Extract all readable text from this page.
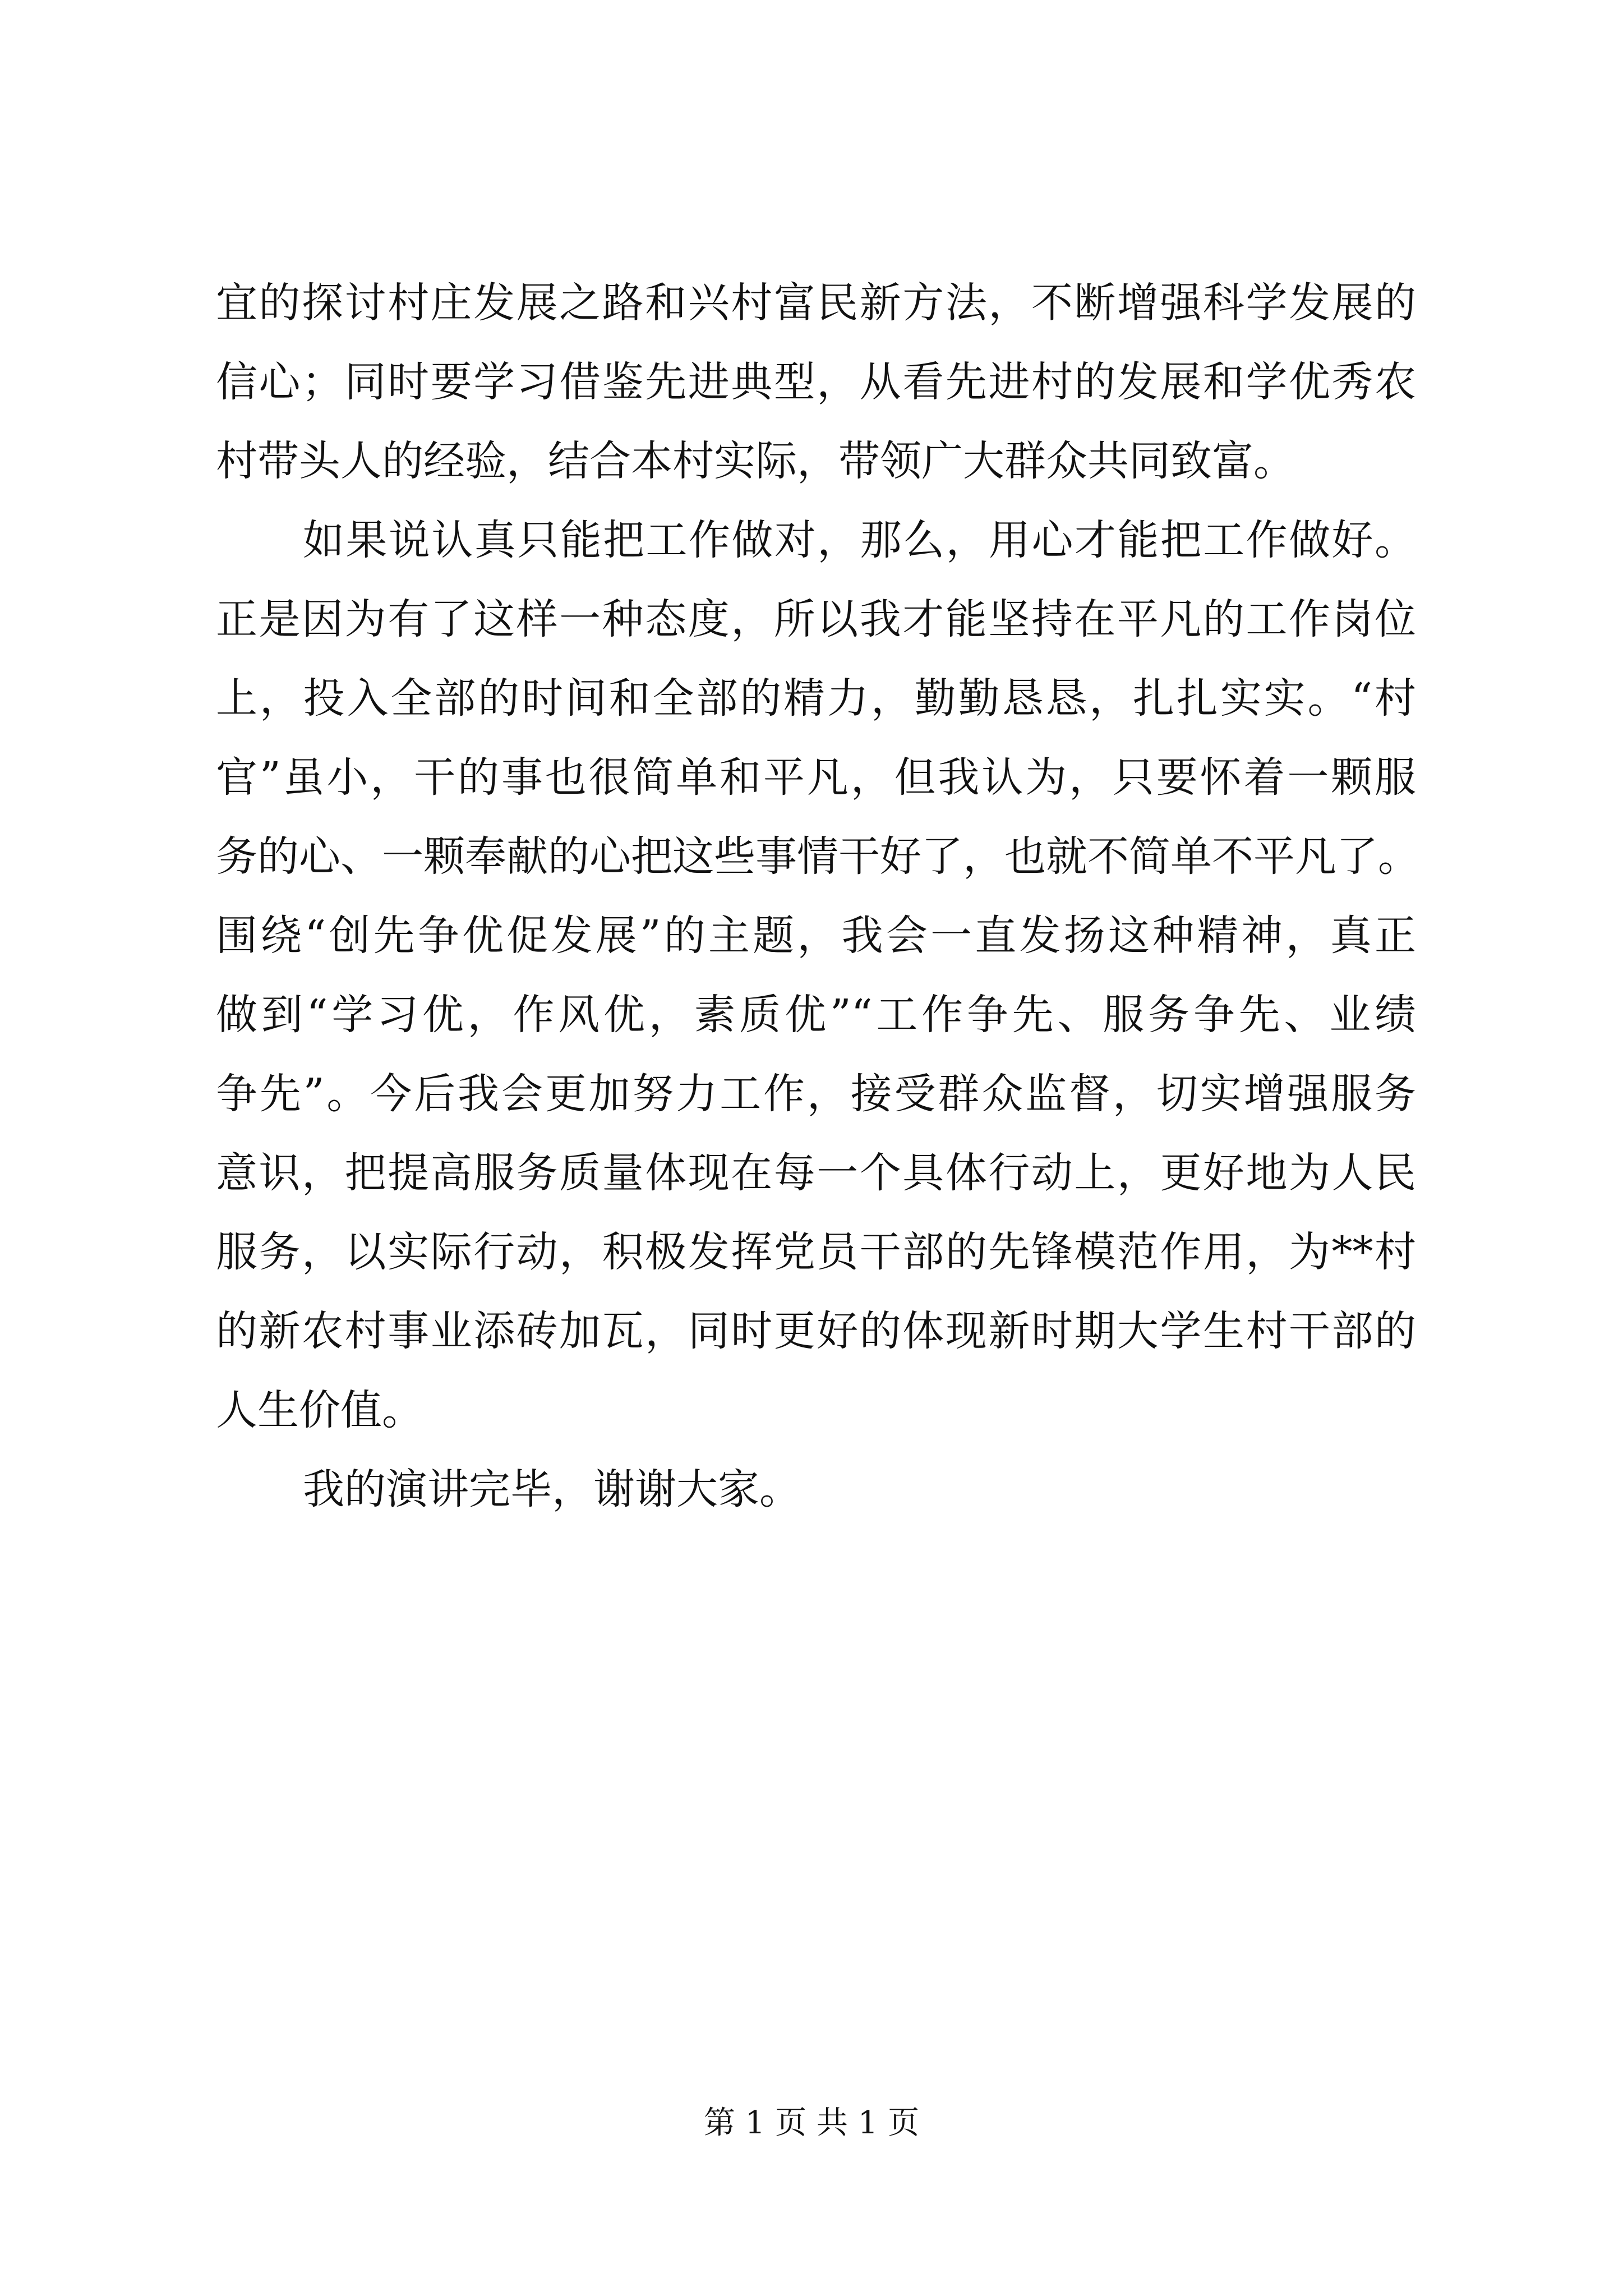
宜的探讨村庄发展之路和兴村富民新方法，不断增强科学发展的
信心；同时要学习借鉴先进典型，从看先进村的发展和学优秀农
村带头人的经验，结合本村实际，带领广大群众共同致富。
如果说认真只能把工作做对，那么，用心才能把工作做好。
正是因为有了这样一种态度，所以我才能坚持在平凡的工作岗位
上，投入全部的时间和全部的精力，勤勤恳恳，扎扎实实。“村
官”虽小，干的事也很简单和平凡，但我认为，只要怀着一颗服
务的心、一颗奉献的心把这些事情干好了，也就不简单不平凡了。
围绕“创先争优促发展”的主题，我会一直发扬这种精神，真正
做到“学习优，作风优，素质优”“工作争先、服务争先、业绩
争先”。今后我会更加努力工作，接受群众监督，切实增强服务
意识，把提高服务质量体现在每一个具体行动上，更好地为人民
服务，以实际行动，积极发挥党员干部的先锋模范作用，为**村
的新农村事业添砖加瓦，同时更好的体现新时期大学生村干部的
人生价值。
我的演讲完毕，谢谢大家。
第 1 页 共 1 页
